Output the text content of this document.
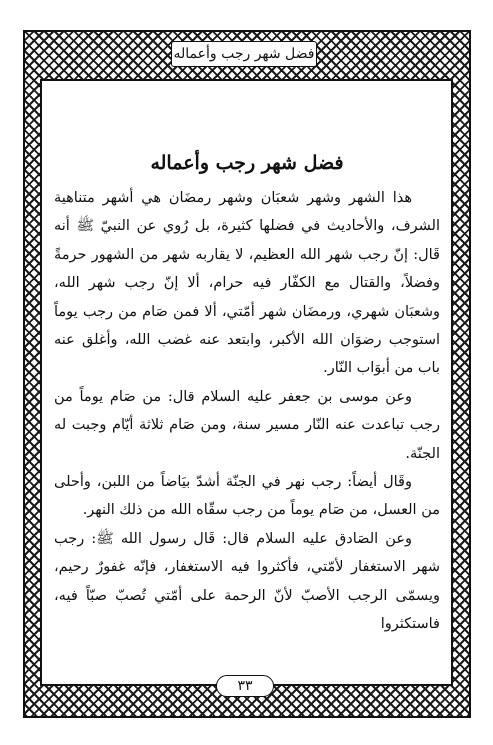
فضل شهر رجب وأعماله
فضل شهر رجب وأعماله

هذا الشهر وشهر شعبَان وشهر رمضَان هي أشهر متناهية الشرف، والأحاديث في فضلها كثيرة، بل رُوي عن النبيّ ﷺ أنه قَال: إنّ رجب شهر الله العظيم، لا يقاربه شهر من الشهور حرمةً وفضلاً، والقتال مع الكفّار فيه حرام، ألا إنّ رجب شهر الله، وشعبَان شهري، ورمضَان شهر أمّتي، ألا فمن صَام من رجب يوماً استوجب رضوَان الله الأكبر، وابتعد عنه غضب الله، وأغلق عنه باب من أبوَاب النّار.

وعن موسى بن جعفر عليه السلام قال: من صَام يوماً من رجب تباعدت عنه النّار مسير سنة، ومن صَام ثلاثة أيّام وجبت له الجنّة.

وقَال أيضاً: رجب نهر في الجنّة أشدّ بيَاضاً من اللبن، وأحلى من العسل، من صَام يوماً من رجب سقّاه الله من ذلك النهر.

وعن الصَادق عليه السلام قال: قَال رسول الله ﷺ: رجب شهر الاستغفار لأمّتي، فأكثروا فيه الاستغفار، فإنّه غفورٌ رحيم، ويسمّى الرجب الأصبّ لأنّ الرحمة على أمّتي تُصبّ صبّاً فيه، فاستكثروا

٣٣
